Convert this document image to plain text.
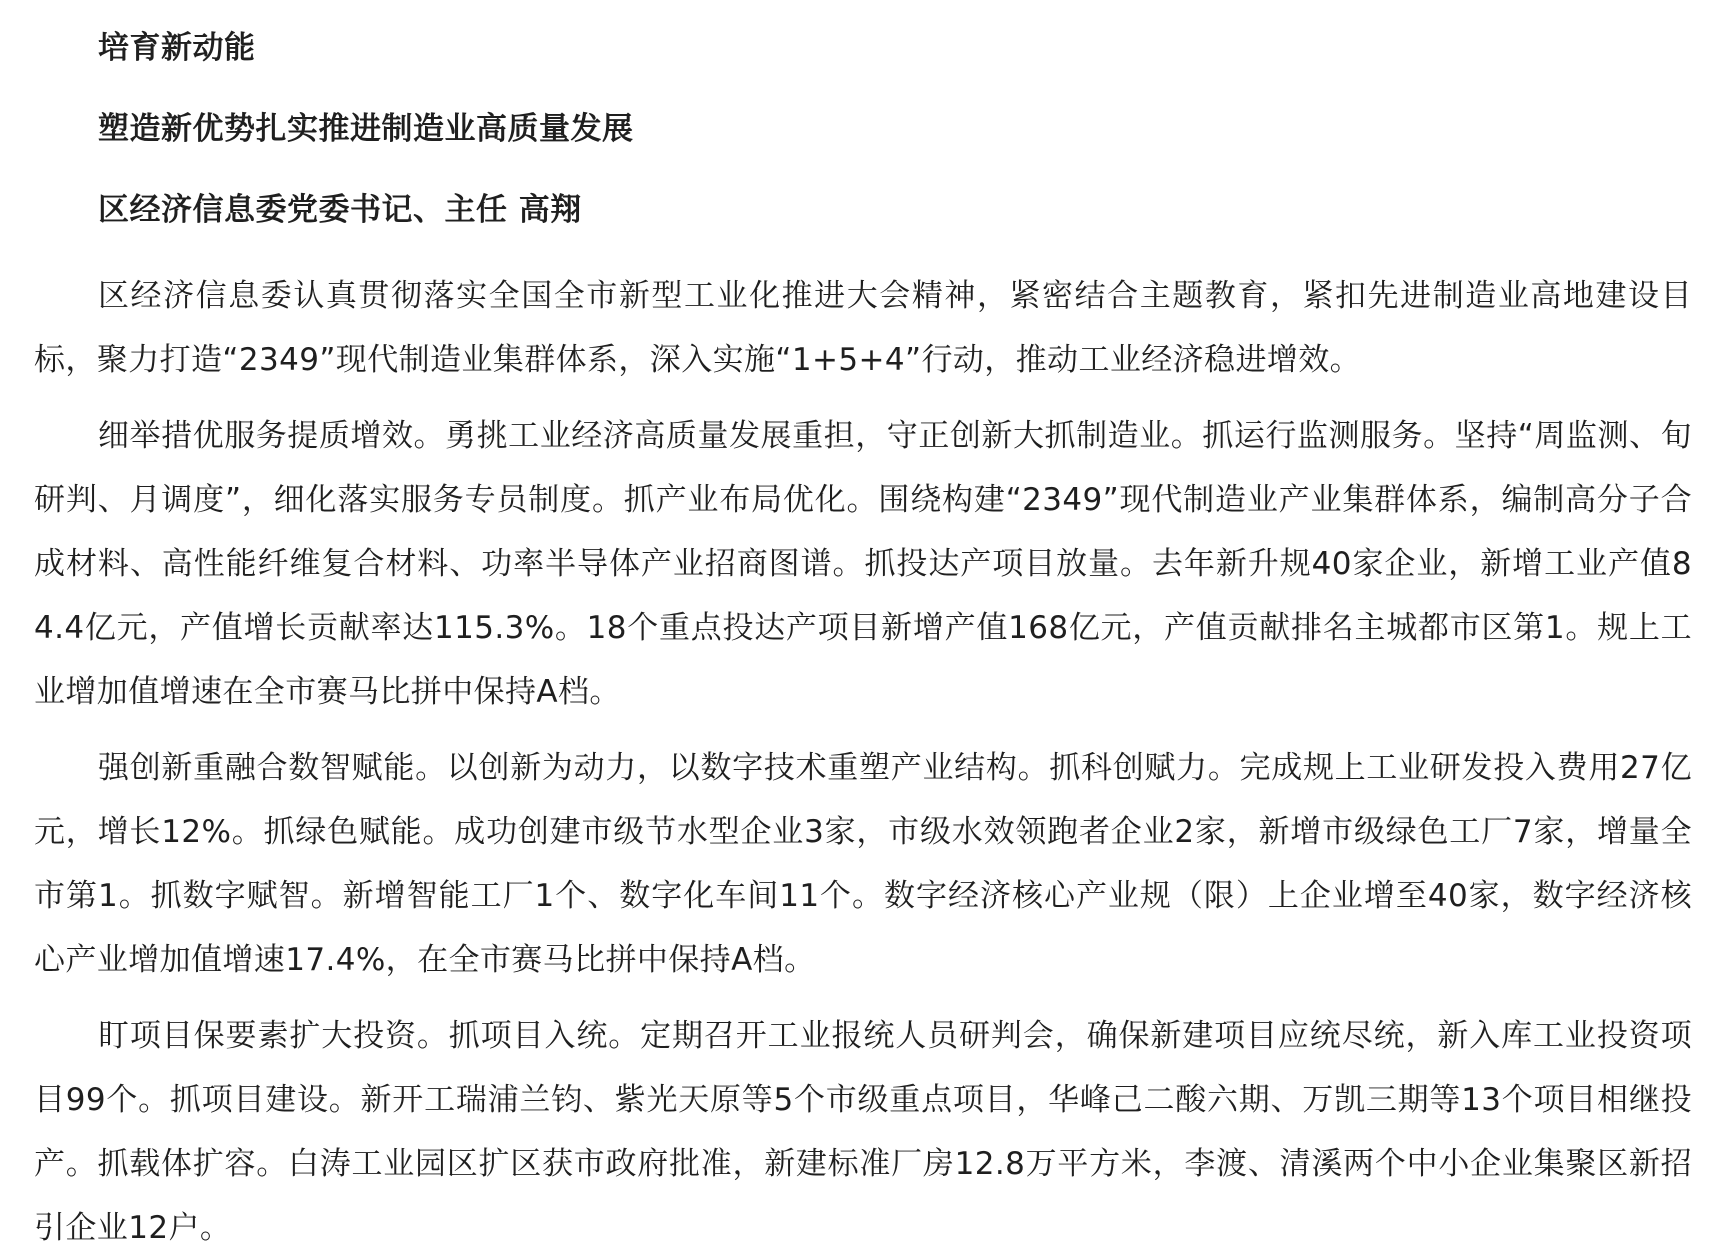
培育新动能

塑造新优势扎实推进制造业高质量发展

区经济信息委党委书记、主任 高翔

区经济信息委认真贯彻落实全国全市新型工业化推进大会精神，紧密结合主题教育，紧扣先进制造业高地建设目标，聚力打造“2349”现代制造业集群体系，深入实施“1+5+4”行动，推动工业经济稳进增效。

细举措优服务提质增效。勇挑工业经济高质量发展重担，守正创新大抓制造业。抓运行监测服务。坚持“周监测、旬研判、月调度”，细化落实服务专员制度。抓产业布局优化。围绕构建“2349”现代制造业产业集群体系，编制高分子合成材料、高性能纤维复合材料、功率半导体产业招商图谱。抓投达产项目放量。去年新升规40家企业，新增工业产值84.4亿元，产值增长贡献率达115.3%。18个重点投达产项目新增产值168亿元，产值贡献排名主城都市区第1。规上工业增加值增速在全市赛马比拼中保持A档。

强创新重融合数智赋能。以创新为动力，以数字技术重塑产业结构。抓科创赋力。完成规上工业研发投入费用27亿元，增长12%。抓绿色赋能。成功创建市级节水型企业3家，市级水效领跑者企业2家，新增市级绿色工厂7家，增量全市第1。抓数字赋智。新增智能工厂1个、数字化车间11个。数字经济核心产业规（限）上企业增至40家，数字经济核心产业增加值增速17.4%，在全市赛马比拼中保持A档。

盯项目保要素扩大投资。抓项目入统。定期召开工业报统人员研判会，确保新建项目应统尽统，新入库工业投资项目99个。抓项目建设。新开工瑞浦兰钧、紫光天原等5个市级重点项目，华峰己二酸六期、万凯三期等13个项目相继投产。抓载体扩容。白涛工业园区扩区获市政府批准，新建标准厂房12.8万平方米，李渡、清溪两个中小企业集聚区新招引企业12户。
